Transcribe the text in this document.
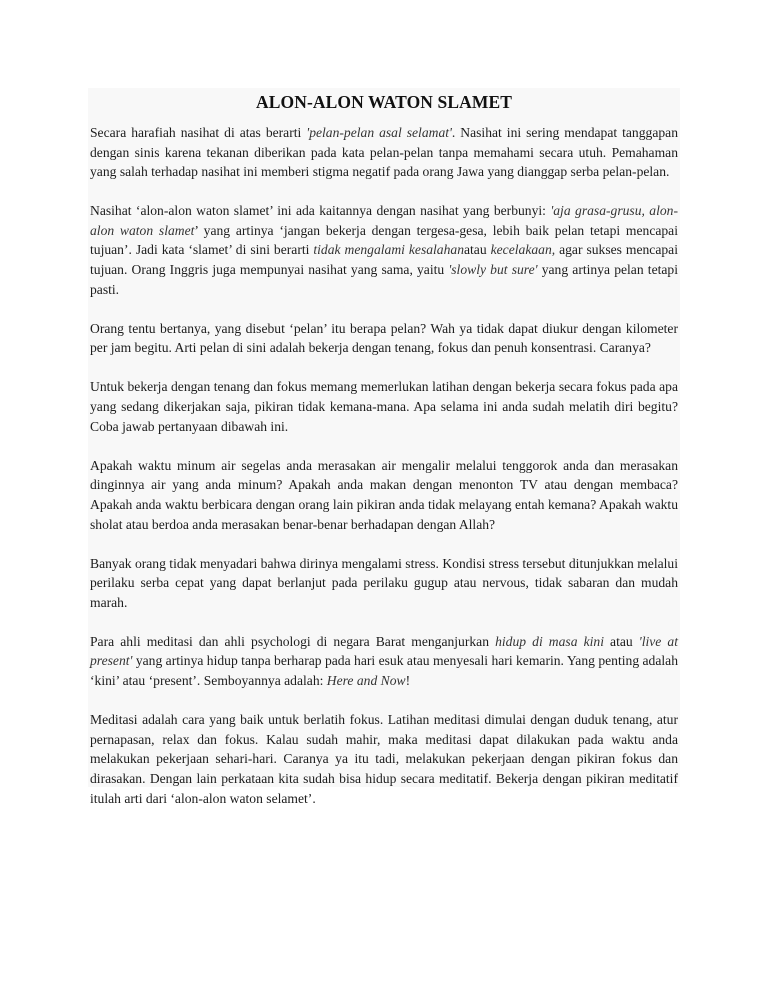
ALON-ALON WATON SLAMET

Secara harafiah nasihat di atas berarti 'pelan-pelan asal selamat'. Nasihat ini sering mendapat tanggapan dengan sinis karena tekanan diberikan pada kata pelan-pelan tanpa memahami secara utuh. Pemahaman yang salah terhadap nasihat ini memberi stigma negatif pada orang Jawa yang dianggap serba pelan-pelan.

Nasihat ‘alon-alon waton slamet’ ini ada kaitannya dengan nasihat yang berbunyi: 'aja grasa-grusu, alon-alon waton slamet’ yang artinya ‘jangan bekerja dengan tergesa-gesa, lebih baik pelan tetapi mencapai tujuan’. Jadi kata ‘slamet’ di sini berarti tidak mengalami kesalahanatau kecelakaan, agar sukses mencapai tujuan. Orang Inggris juga mempunyai nasihat yang sama, yaitu 'slowly but sure' yang artinya pelan tetapi pasti.

Orang tentu bertanya, yang disebut ‘pelan’ itu berapa pelan? Wah ya tidak dapat diukur dengan kilometer per jam begitu. Arti pelan di sini adalah bekerja dengan tenang, fokus dan penuh konsentrasi. Caranya?

Untuk bekerja dengan tenang dan fokus memang memerlukan latihan dengan bekerja secara fokus pada apa yang sedang dikerjakan saja, pikiran tidak kemana-mana. Apa selama ini anda sudah melatih diri begitu? Coba jawab pertanyaan dibawah ini.

Apakah waktu minum air segelas anda merasakan air mengalir melalui tenggorok anda dan merasakan dinginnya air yang anda minum? Apakah anda makan dengan menonton TV atau dengan membaca? Apakah anda waktu berbicara dengan orang lain pikiran anda tidak melayang entah kemana? Apakah waktu sholat atau berdoa anda merasakan benar-benar berhadapan dengan Allah?

Banyak orang tidak menyadari bahwa dirinya mengalami stress. Kondisi stress tersebut ditunjukkan melalui perilaku serba cepat yang dapat berlanjut pada perilaku gugup atau nervous, tidak sabaran dan mudah marah.

Para ahli meditasi dan ahli psychologi di negara Barat menganjurkan hidup di masa kini atau 'live at present' yang artinya hidup tanpa berharap pada hari esuk atau menyesali hari kemarin. Yang penting adalah ‘kini’ atau ‘present’. Semboyannya adalah: Here and Now!

Meditasi adalah cara yang baik untuk berlatih fokus. Latihan meditasi dimulai dengan duduk tenang, atur pernapasan, relax dan fokus. Kalau sudah mahir, maka meditasi dapat dilakukan pada waktu anda melakukan pekerjaan sehari-hari. Caranya ya itu tadi, melakukan pekerjaan dengan pikiran fokus dan dirasakan. Dengan lain perkataan kita sudah bisa hidup secara meditatif. Bekerja dengan pikiran meditatif itulah arti dari ‘alon-alon waton selamet’.
